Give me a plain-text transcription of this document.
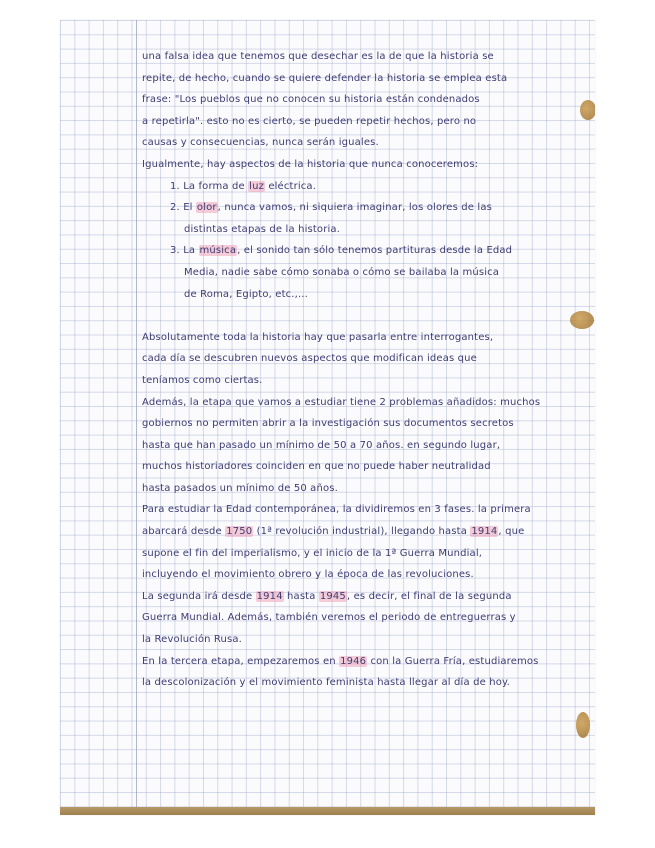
una falsa idea que tenemos que desechar es la de que la historia se
repite, de hecho, cuando se quiere defender la historia se emplea esta
frase: "Los pueblos que no conocen su historia están condenados
a repetirla". esto no es cierto, se pueden repetir hechos, pero no
causas y consecuencias, nunca serán iguales.
Igualmente, hay aspectos de la historia que nunca conoceremos:
1. La forma de luz eléctrica.
2. El olor, nunca vamos, ni siquiera imaginar, los olores de las
distintas etapas de la historia.
3. La música, el sonido tan sólo tenemos partituras desde la Edad
Media, nadie sabe cómo sonaba o cómo se bailaba la música
de Roma, Egipto, etc.,...
Absolutamente toda la historia hay que pasarla entre interrogantes,
cada día se descubren nuevos aspectos que modifican ideas que
teníamos como ciertas.
Además, la etapa que vamos a estudiar tiene 2 problemas añadidos: muchos
gobiernos no permiten abrir a la investigación sus documentos secretos
hasta que han pasado un mínimo de 50 a 70 años. en segundo lugar,
muchos historiadores coinciden en que no puede haber neutralidad
hasta pasados un mínimo de 50 años.
Para estudiar la Edad contemporánea, la dividiremos en 3 fases. la primera
abarcará desde 1750 (1ª revolución industrial), llegando hasta 1914, que
supone el fin del imperialismo, y el inicio de la 1ª Guerra Mundial,
incluyendo el movimiento obrero y la época de las revoluciones.
La segunda irá desde 1914 hasta 1945, es decir, el final de la segunda
Guerra Mundial. Además, también veremos el periodo de entreguerras y
la Revolución Rusa.
En la tercera etapa, empezaremos en 1946 con la Guerra Fría, estudiaremos
la descolonización y el movimiento feminista hasta llegar al día de hoy.
